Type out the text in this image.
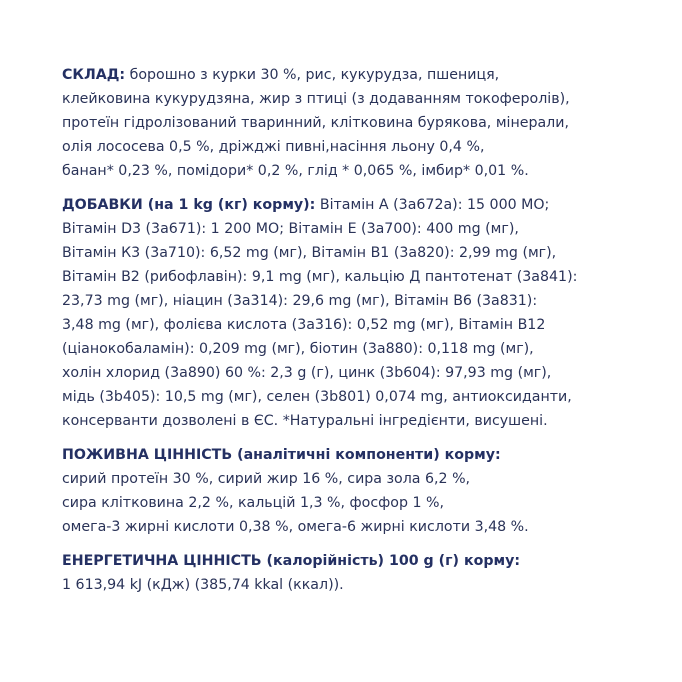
СКЛАД: борошно з курки 30 %, рис, кукурудза, пшениця,
клейковина кукурудзяна, жир з птиці (з додаванням токоферолів),
протеїн гідролізований тваринний, клітковина бурякова, мінерали,
олія лососева 0,5 %, дріжджі пивні,насіння льону 0,4 %,
банан* 0,23 %, помідори* 0,2 %, глід * 0,065 %, імбир* 0,01 %.
ДОБАВКИ (на 1 kg (кг) корму): Вітамін А (3а672а): 15 000 МО;
Вітамін D3 (3а671): 1 200 МО; Вітамін Е (3а700): 400 mg (мг),
Вітамін К3 (3а710): 6,52 mg (мг), Вітамін В1 (3а820): 2,99 mg (мг),
Вітамін В2 (рибофлавін): 9,1 mg (мг), кальцію Д пантотенат (3а841):
23,73 mg (мг), ніацин (3а314): 29,6 mg (мг), Вітамін В6 (3а831):
3,48 mg (мг), фолієва кислота (3а316): 0,52 mg (мг), Вітамін В12
(ціанокобаламін): 0,209 mg (мг), біотин (3а880): 0,118 mg (мг),
холін хлорид (3а890) 60 %: 2,3 g (г), цинк (3b604): 97,93 mg (мг),
мідь (3b405): 10,5 mg (мг), селен (3b801) 0,074 mg, антиоксиданти,
консерванти дозволені в ЄС. *Натуральні інгредієнти, висушені.
ПОЖИВНА ЦІННІСТЬ (аналітичні компоненти) корму:
сирий протеїн 30 %, сирий жир 16 %, сира зола 6,2 %,
сира клітковина 2,2 %, кальцій 1,3 %, фосфор 1 %,
омега-3 жирні кислоти 0,38 %, омега-6 жирні кислоти 3,48 %.
ЕНЕРГЕТИЧНА ЦІННІСТЬ (калорійність) 100 g (г) корму:
1 613,94 kJ (кДж) (385,74 kkal (ккал)).
